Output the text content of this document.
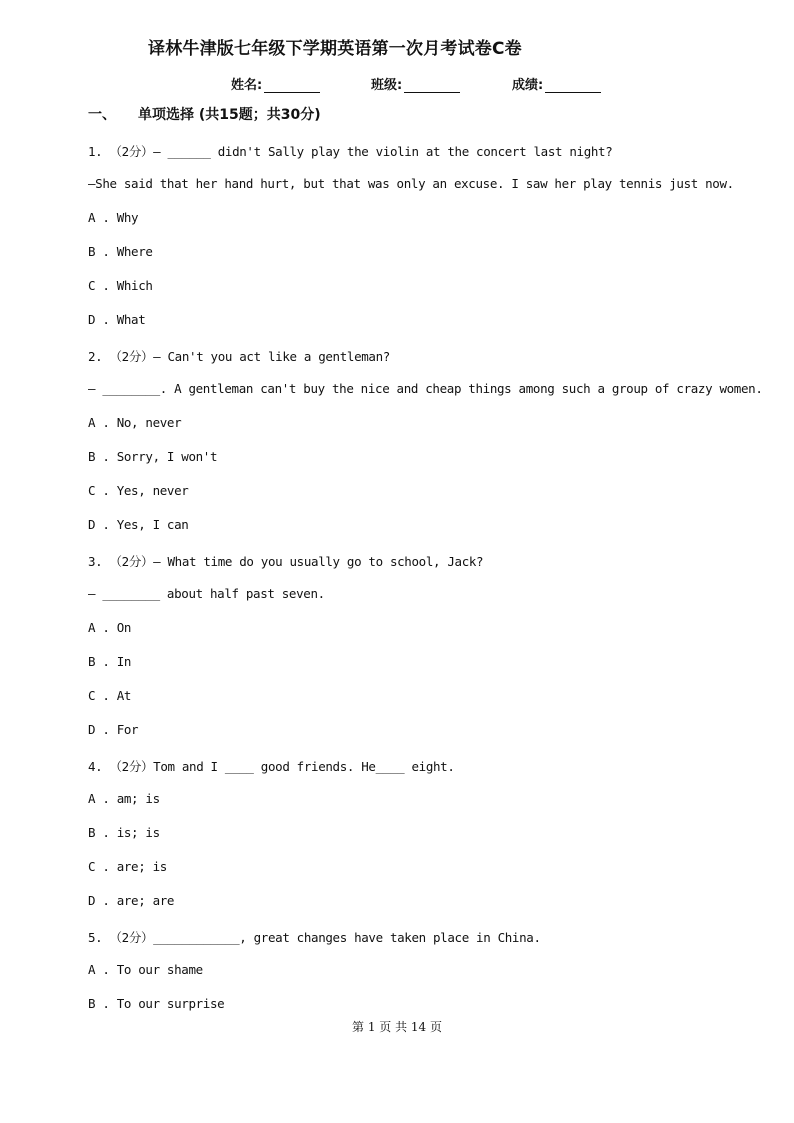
译林牛津版七年级下学期英语第一次月考试卷C卷
姓名:	班级:	成绩:
一、 单项选择 (共15题；共30分)
1. （2分）— ______ didn't Sally play the violin at the concert last night?
—She said that her hand hurt, but that was only an excuse. I saw her play tennis just now.
A . Why
B . Where
C . Which
D . What
2. （2分）— Can't you act like a gentleman?
— ________. A gentleman can't buy the nice and cheap things among such a group of crazy women.
A . No, never
B . Sorry, I won't
C . Yes, never
D . Yes, I can
3. （2分）— What time do you usually go to school, Jack?
— ________ about half past seven.
A . On
B . In
C . At
D . For
4. （2分）Tom and I ____ good friends. He____ eight.
A . am; is
B . is; is
C . are; is
D . are; are
5. （2分）____________, great changes have taken place in China.
A . To our shame
B . To our surprise
第 1 页 共 14 页
